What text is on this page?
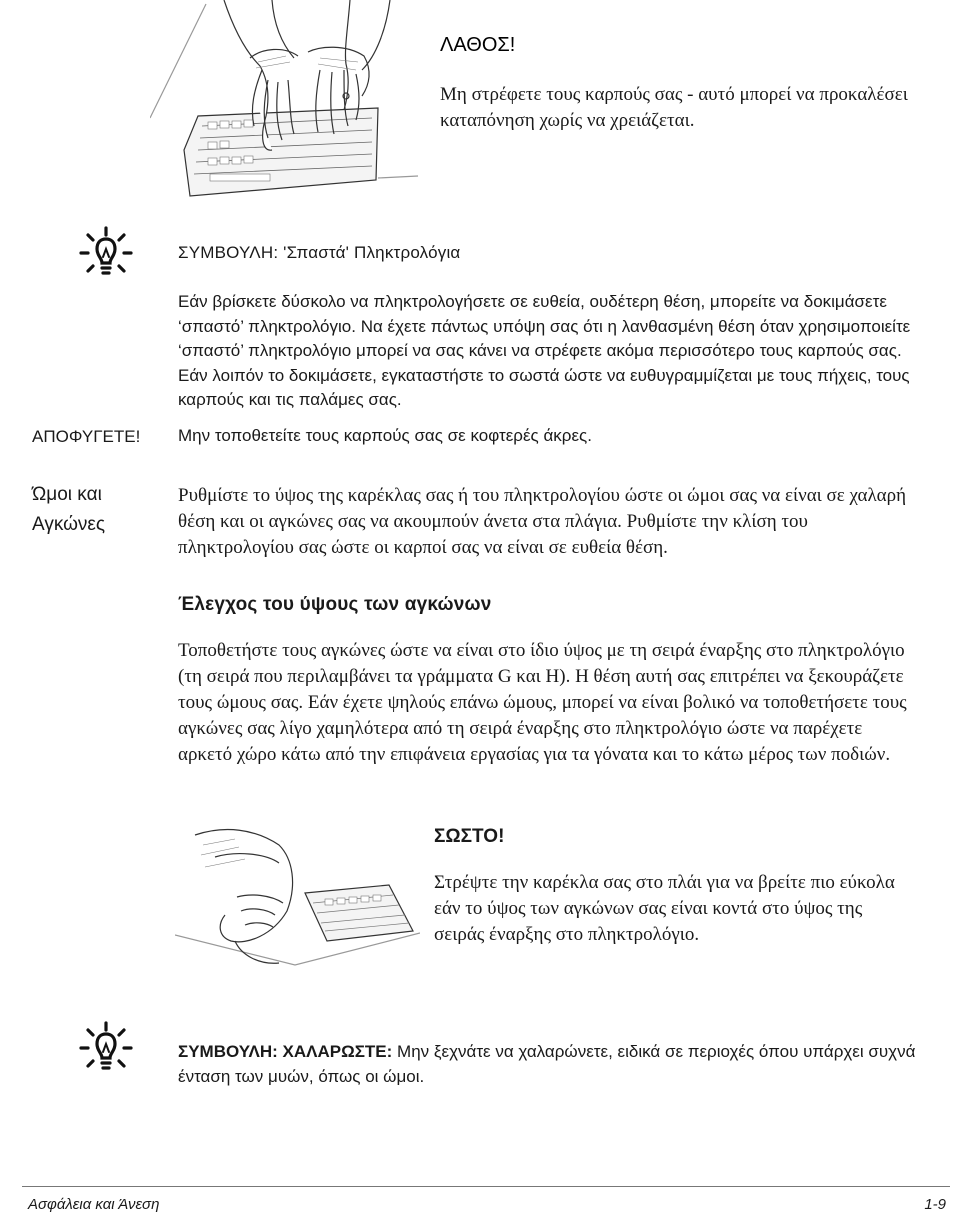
ΛΑΘΟΣ!
Μη στρέφετε τους καρπούς σας - αυτό μπορεί να προκαλέσει καταπόνηση χωρίς να χρειάζεται.
ΣΥΜΒΟΥΛΗ: 'Σπαστά' Πληκτρολόγια
Εάν βρίσκετε δύσκολο να πληκτρολογήσετε σε ευθεία, ουδέτερη θέση, μπορείτε να δοκιμάσετε ‘σπαστό’ πληκτρολόγιο. Να έχετε πάντως υπόψη σας ότι η λανθασμένη θέση όταν χρησιμοποιείτε ‘σπαστό’ πληκτρολόγιο μπορεί να σας κάνει να στρέφετε ακόμα περισσότερο τους καρπούς σας. Εάν λοιπόν το δοκιμάσετε, εγκαταστήστε το σωστά ώστε να ευθυγραμμίζεται με τους πήχεις, τους καρπούς και τις παλάμες σας.
ΑΠΟΦΥΓΕΤΕ! Μην τοποθετείτε τους καρπούς σας σε κοφτερές άκρες.
Ώμοι και
Αγκώνες
Ρυθμίστε το ύψος της καρέκλας σας ή του πληκτρολογίου ώστε οι ώμοι σας να είναι σε χαλαρή θέση και οι αγκώνες σας να ακουμπούν άνετα στα πλάγια. Ρυθμίστε την κλίση του πληκτρολογίου σας ώστε οι καρποί σας να είναι σε ευθεία θέση.
Έλεγχος του ύψους των αγκώνων
Τοποθετήστε τους αγκώνες ώστε να είναι στο ίδιο ύψος με τη σειρά έναρξης στο πληκτρολόγιο (τη σειρά που περιλαμβάνει τα γράμματα G και H). Η θέση αυτή σας επιτρέπει να ξεκουράζετε τους ώμους σας. Εάν έχετε ψηλούς επάνω ώμους, μπορεί να είναι βολικό να τοποθετήσετε τους αγκώνες σας λίγο χαμηλότερα από τη σειρά έναρξης στο πληκτρολόγιο ώστε να παρέχετε αρκετό χώρο κάτω από την επιφάνεια εργασίας για τα γόνατα και το κάτω μέρος των ποδιών.
ΣΩΣΤΟ!
Στρέψτε την καρέκλα σας στο πλάι για να βρείτε πιο εύκολα εάν το ύψος των αγκώνων σας είναι κοντά στο ύψος της σειράς έναρξης στο πληκτρολόγιο.
ΣΥΜΒΟΥΛΗ: ΧΑΛΑΡΩΣΤΕ: Μην ξεχνάτε να χαλαρώνετε, ειδικά σε περιοχές όπου υπάρχει συχνά ένταση των μυών, όπως οι ώμοι.
Ασφάλεια και Άνεση	1-9
